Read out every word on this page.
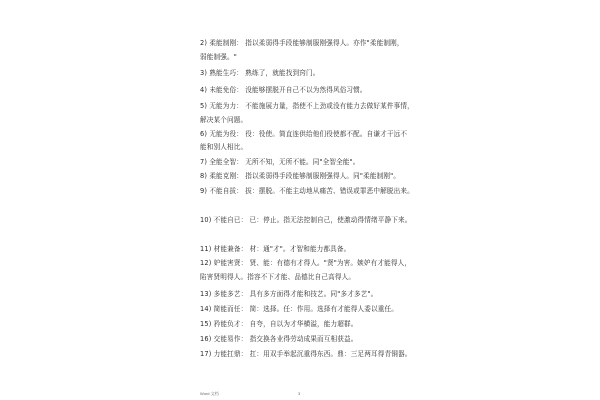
2) 柔能制刚： 指以柔弱得手段能够制服刚强得人。亦作"柔能制刚，
弱能制强。"
3) 熟能生巧： 熟练了，就能找到窍门。
4) 未能免俗： 没能够摆脱开自己不以为然得风俗习惯。
5) 无能为力： 不能施展力量，指使不上劲或没有能力去做好某件事情，
解决某个问题。
6) 无能为役： 役：役使。简直连供给他们役使都不配。自谦才干远不
能和别人相比。
7) 全能全智： 无所不知，无所不能。同"全智全能"。
8) 柔能克刚： 指以柔弱得手段能够制服刚强得人。同"柔能制刚"。
9) 不能自拔： 拔：摆脱。不能主动地从痛苦、错误或罪恶中解脱出来。
10) 不能自已： 已：停止。指无法控制自己，使激动得情绪平静下来。
11) 材能兼备： 材：通"才"。才智和能力都具备。
12) 妒能害贤： 贤、能：有德有才得人。"贤"为害。嫉妒有才能得人，
陷害贤明得人。指容不下才能、品德比自己高得人。
13) 多能多艺： 具有多方面得才能和技艺。同"多才多艺"。
14) 简能而任： 简：选择。任：作用。选择有才能得人委以重任。
15) 矜能负才： 自夸，自以为才华横溢，能力超群。
16) 交能易作： 指交换各业得劳动成果而互相获益。
17) 力能扛鼎： 扛：用双手举起沉重得东西。鼎：三足两耳得青铜器。
Word 文档	3
